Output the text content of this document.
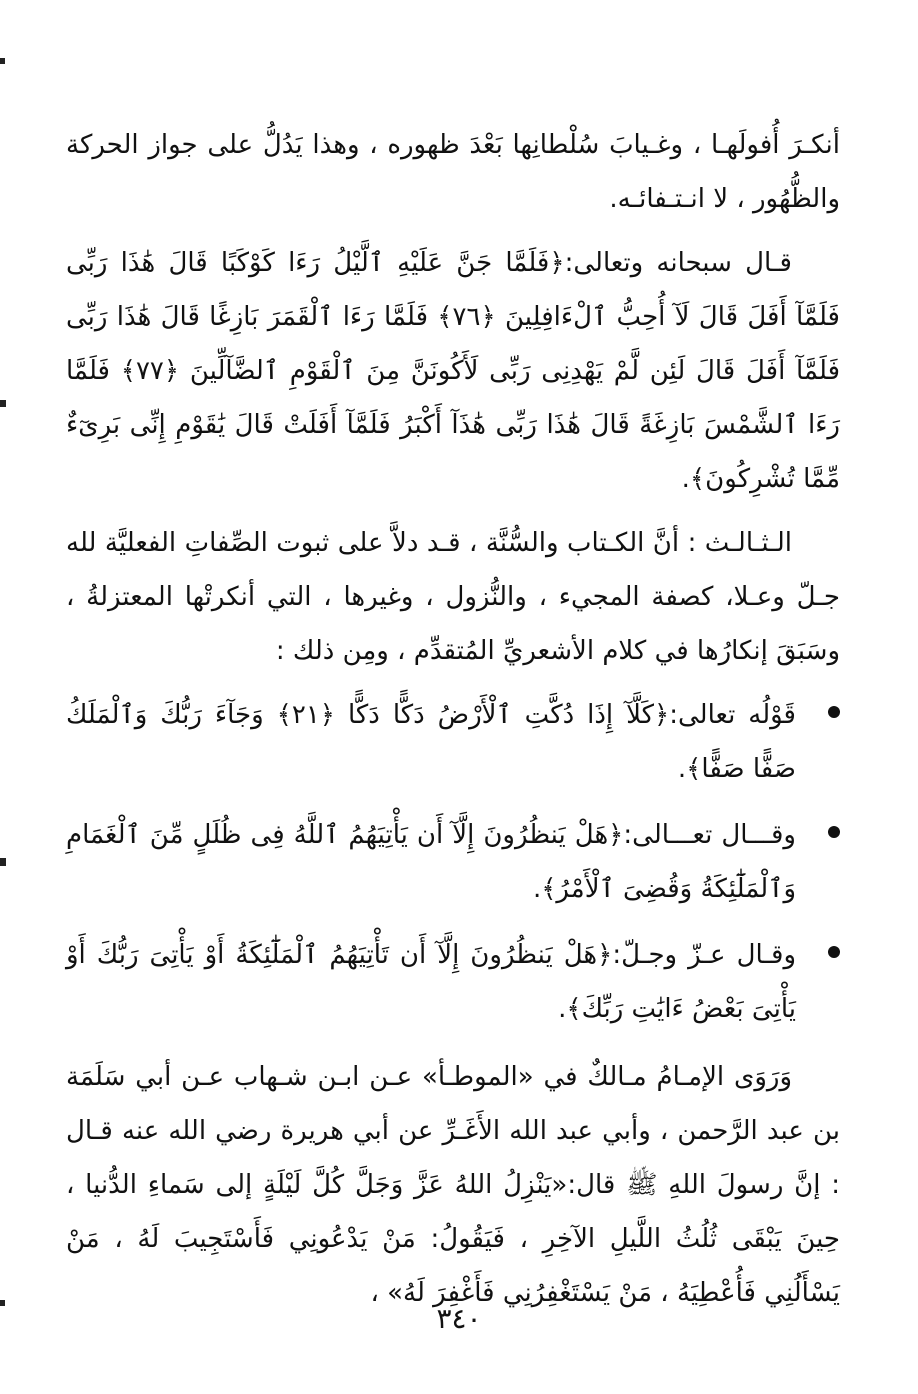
أنكـرَ أُفولَهـا ، وغـيابَ سُلْطانِها بَعْدَ ظهوره ، وهذا يَدُلُّ على جواز الحركة والظُّهُور ، لا انـتـفائـه.

قـال سبحانه وتعالى:﴿فَلَمَّا جَنَّ عَلَيْهِ ٱلَّيْلُ رَءَا كَوْكَبًا قَالَ هَٰذَا رَبِّى فَلَمَّآ أَفَلَ قَالَ لَآ أُحِبُّ ٱلْءَافِلِينَ ﴿٧٦﴾ فَلَمَّا رَءَا ٱلْقَمَرَ بَازِغًا قَالَ هَٰذَا رَبِّى فَلَمَّآ أَفَلَ قَالَ لَئِن لَّمْ يَهْدِنِى رَبِّى لَأَكُونَنَّ مِنَ ٱلْقَوْمِ ٱلضَّآلِّينَ ﴿٧٧﴾ فَلَمَّا رَءَا ٱلشَّمْسَ بَازِغَةً قَالَ هَٰذَا رَبِّى هَٰذَآ أَكْبَرُ فَلَمَّآ أَفَلَتْ قَالَ يَٰقَوْمِ إِنِّى بَرِىٓءٌ مِّمَّا تُشْرِكُونَ﴾.

الـثـالـث : أنَّ الكـتاب والسُّنَّة ، قـد دلاَّ على ثبوت الصِّفاتِ الفعليَّة لله جـلّ وعـلا، كصفة المجيء ، والنُّزول ، وغيرها ، التي أنكرتْها المعتزلةُ ، وسَبَقَ إنكارُها في كلام الأشعريِّ المُتقدِّم ، ومِن ذلك :

قَوْلُه تعالى:﴿كَلَّآ إِذَا دُكَّتِ ٱلْأَرْضُ دَكًّا دَكًّا ﴿٢١﴾ وَجَآءَ رَبُّكَ وَٱلْمَلَكُ صَفًّا صَفًّا﴾.
وقـــال تعـــالى:﴿هَلْ يَنظُرُونَ إِلَّآ أَن يَأْتِيَهُمُ ٱللَّهُ فِى ظُلَلٍ مِّنَ ٱلْغَمَامِ وَٱلْمَلَٰٓئِكَةُ وَقُضِىَ ٱلْأَمْرُ﴾.
وقـال عـزّ وجـلّ:﴿هَلْ يَنظُرُونَ إِلَّآ أَن تَأْتِيَهُمُ ٱلْمَلَٰٓئِكَةُ أَوْ يَأْتِىَ رَبُّكَ أَوْ يَأْتِىَ بَعْضُ ءَايَٰتِ رَبِّكَ﴾.

وَرَوَى الإمـامُ مـالكٌ في «الموطـأ» عـن ابـن شـهاب عـن أبي سَلَمَة بن عبد الرَّحمن ، وأبي عبد الله الأَغَـرِّ عن أبي هريرة رضي الله عنه قـال : إنَّ رسولَ اللهِ ﷺ قال:«يَنْزِلُ اللهُ عَزَّ وَجَلَّ كُلَّ لَيْلَةٍ إلى سَماءِ الدُّنيا ، حِينَ يَبْقَى ثُلُثُ اللَّيلِ الآخِرِ ، فَيَقُولُ: مَنْ يَدْعُونِي فَأَسْتَجِيبَ لَهُ ، مَنْ يَسْأَلُنِي فَأُعْطِيَهُ ، مَنْ يَسْتَغْفِرُنِي فَأَغْفِرَ لَهُ» ،

٣٤٠
